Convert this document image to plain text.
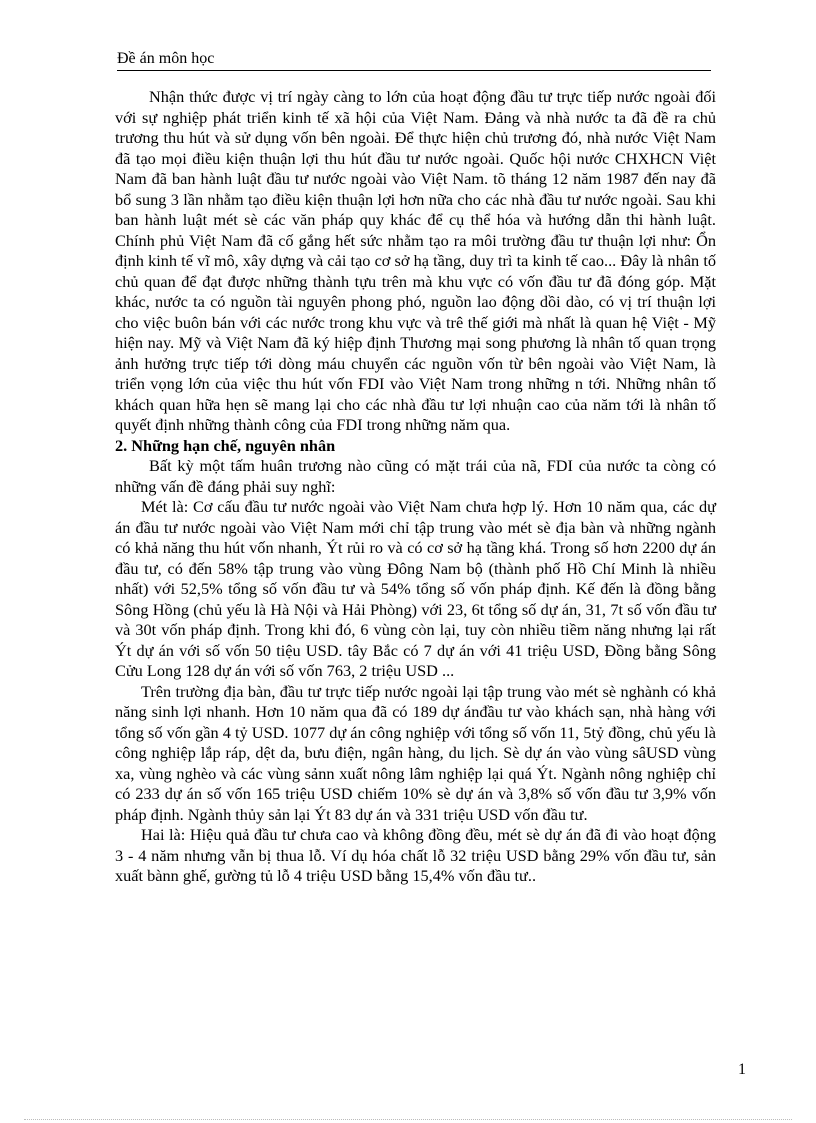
Đề án môn học

Nhận thức được vị trí ngày càng to lớn của hoạt động đầu tư trực tiếp nước ngoài đối với sự nghiệp phát triển kinh tế xã hội của Việt Nam. Đảng và nhà nước ta đã đề ra chủ trương thu hút và sử dụng vốn bên ngoài. Để thực hiện chủ trương đó, nhà nước Việt Nam đã tạo mọi điều kiện thuận lợi thu hút đầu tư nước ngoài. Quốc hội nước CHXHCN Việt Nam đã ban hành luật đầu tư nước ngoài vào Việt Nam. tõ tháng 12 năm 1987 đến nay đã bổ sung 3 lần nhằm tạo điều kiện thuận lợi hơn nữa cho các nhà đầu tư nước ngoài. Sau khi ban hành luật mét sè các văn pháp quy khác để cụ thể hóa và hướng dẫn thi hành luật. Chính phủ Việt Nam đã cố gắng hết sức nhằm tạo ra môi trường đầu tư thuận lợi như: Ổn định kinh tế vĩ mô, xây dựng và cải tạo cơ sở hạ tầng, duy trì ta kinh tế cao... Đây là nhân tố chủ quan để đạt được những thành tựu trên mà khu vực có vốn đầu tư đã đóng góp. Mặt khác, nước ta có nguồn tài nguyên phong phó, nguồn lao động dồi dào, có vị trí thuận lợi cho việc buôn bán với các nước trong khu vực và trê thế giới mà nhất là quan hệ Việt - Mỹ hiện nay. Mỹ và Việt Nam đã ký hiệp định Thương mại song phương là nhân tố quan trọng ảnh hưởng trực tiếp tới dòng máu chuyển các nguồn vốn từ bên ngoài vào Việt Nam, là triển vọng lớn của việc thu hút vốn FDI vào Việt Nam trong những n tới. Những nhân tố khách quan hữa hẹn sẽ mang lại cho các nhà đầu tư lợi nhuận cao của năm tới là nhân tố quyết định những thành công của FDI trong những năm qua.

2. Những hạn chế, nguyên nhân

Bất kỳ một tấm huân trương nào cũng có mặt trái của nã, FDI của nước ta còng có những vấn đề đáng phải suy nghĩ:

Mét là: Cơ cấu đầu tư nước ngoài vào Việt Nam chưa hợp lý. Hơn 10 năm qua, các dự án đầu tư nước ngoài vào Việt Nam mới chỉ tập trung vào mét sè địa bàn và những ngành có khả năng thu hút vốn nhanh, Ýt rủi ro và có cơ sở hạ tầng khá. Trong số hơn 2200 dự án đầu tư, có đến 58% tập trung vào vùng Đông Nam bộ (thành phố Hồ Chí Minh là nhiều nhất) với 52,5% tổng số vốn đầu tư và 54% tổng số vốn pháp định. Kế đến là đồng bằng Sông Hồng (chủ yếu là Hà Nội và Hải Phòng) với 23, 6t tổng số dự án, 31, 7t số vốn đầu tư và 30t vốn pháp định. Trong khi đó, 6 vùng còn lại, tuy còn nhiều tiềm năng nhưng lại rất Ýt dự án với số vốn 50 tiệu USD. tây Bắc có 7 dự án với 41 triệu USD, Đồng bằng Sông Cửu Long 128 dự án với số vốn 763, 2 triệu USD ...

Trên trường địa bàn, đầu tư trực tiếp nước ngoài lại tập trung vào mét sè nghành có khả năng sinh lợi nhanh. Hơn 10 năm qua đã có 189 dự ánđầu tư vào khách sạn, nhà hàng với tổng số vốn gần 4 tỷ USD. 1077 dự án công nghiệp với tổng số vốn 11, 5tỷ đồng, chủ yếu là công nghiệp lắp ráp, dệt da, bưu điện, ngân hàng, du lịch. Sè dự án vào vùng sâUSD vùng xa, vùng nghèo và các vùng sảnn xuất nông lâm nghiệp lại quá Ýt. Ngành nông nghiệp chỉ có 233 dự án số vốn 165 triệu USD chiếm 10% sè dự án và 3,8% số vốn đầu tư 3,9% vốn pháp định. Ngành thủy sản lại Ýt 83 dự án và 331 triệu USD vốn đầu tư.

Hai là: Hiệu quả đầu tư chưa cao và không đồng đều, mét sè dự án đã đi vào hoạt động 3 - 4 năm nhưng vẫn bị thua lỗ. Ví dụ hóa chất lỗ 32 triệu USD bằng 29% vốn đầu tư, sản xuất bànn ghế, gường tủ lỗ 4 triệu USD bằng 15,4% vốn đầu tư..

1
